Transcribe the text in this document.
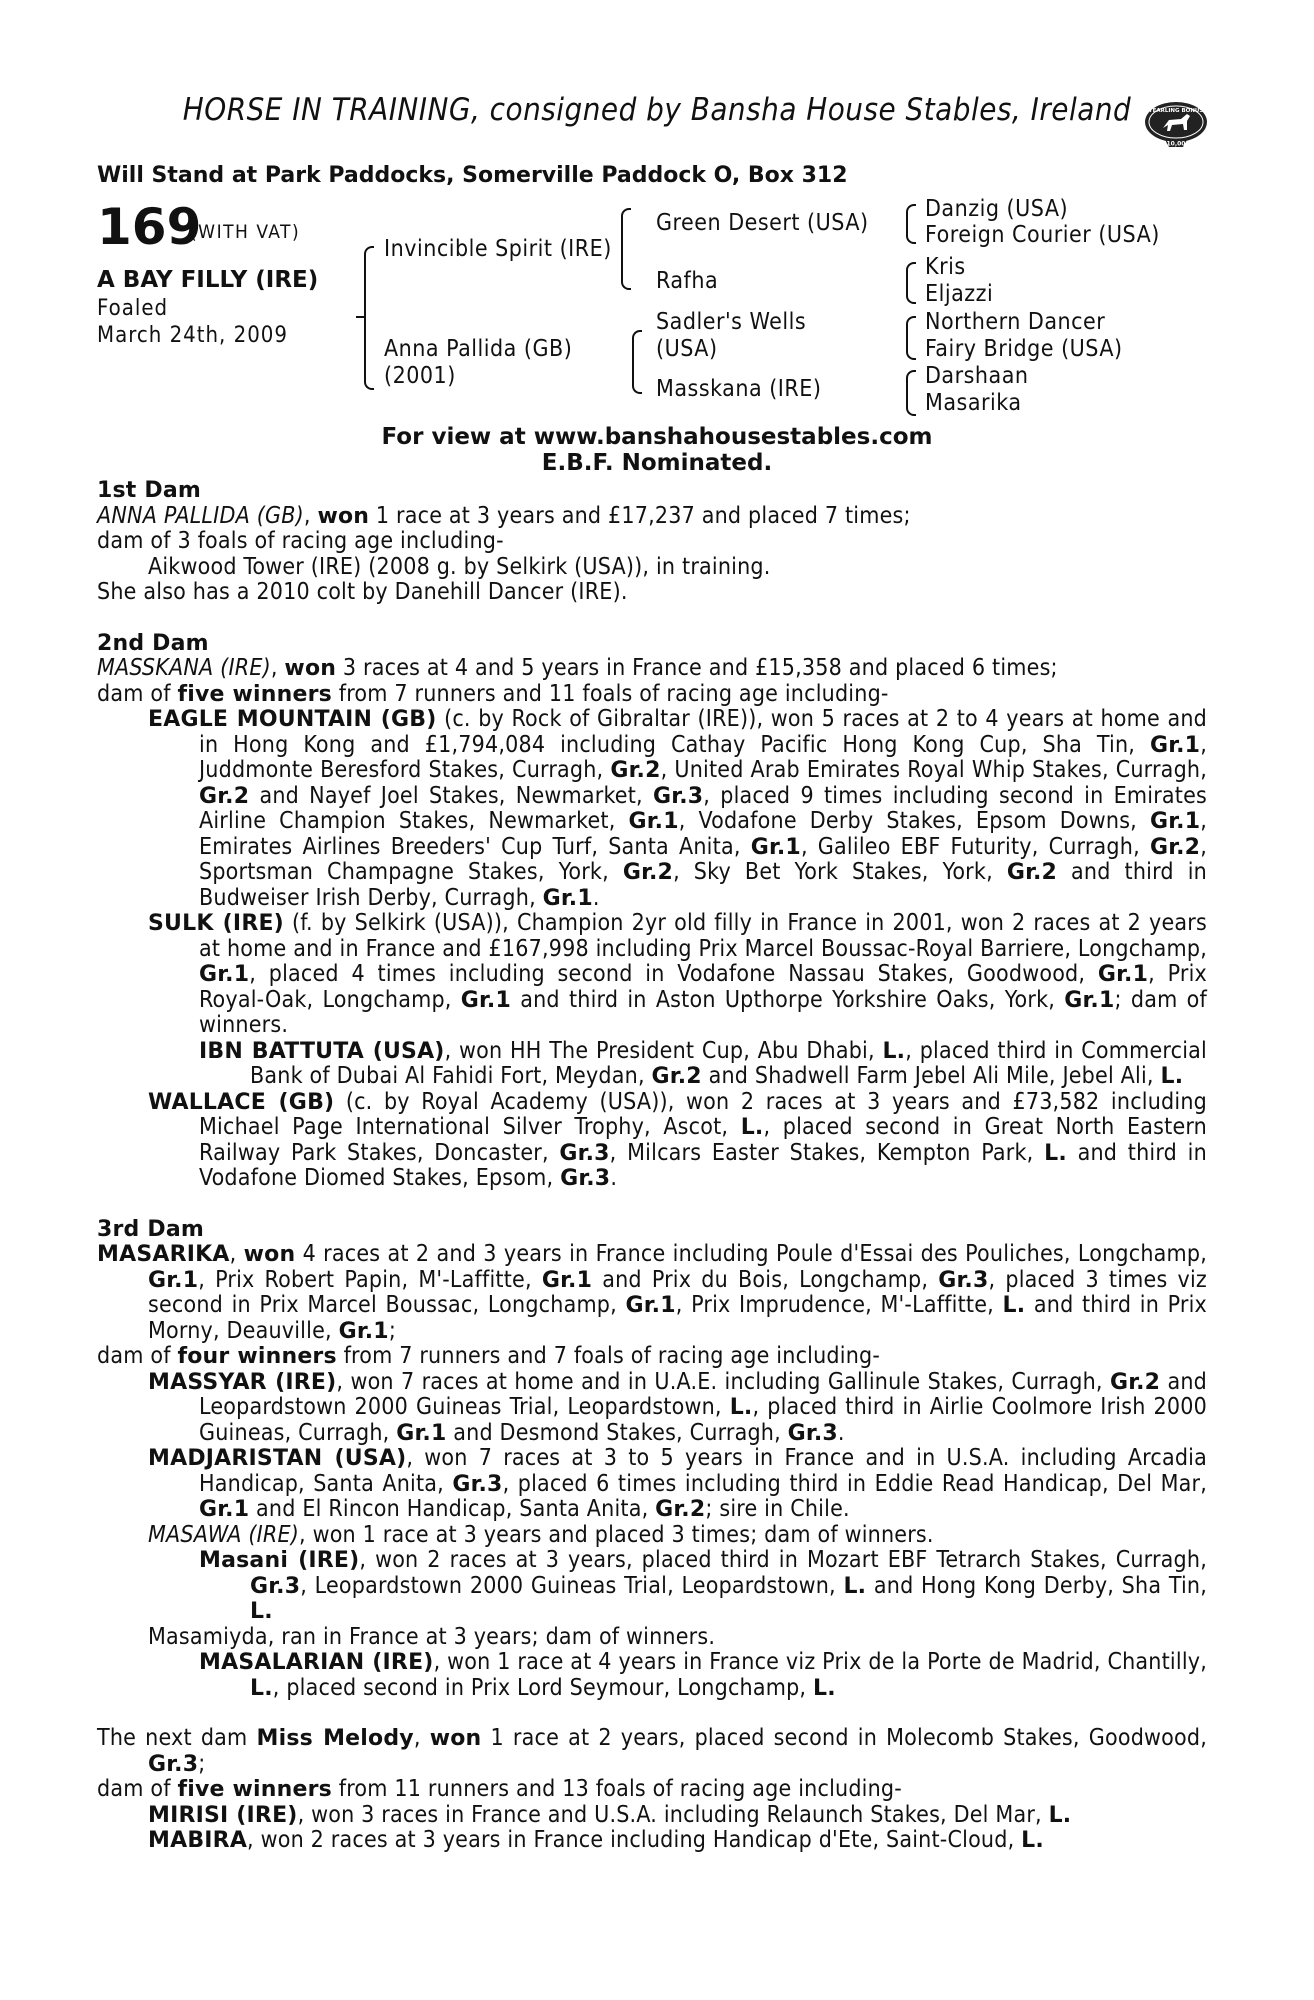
HORSE IN TRAINING, consigned by Bansha House Stables, Ireland	YEARLING BONUS
£10,000
Will Stand at Park Paddocks, Somerville Paddock O, Box 312
169
(WITH VAT)
A BAY FILLY (IRE)
Foaled
March 24th, 2009
Invincible Spirit (IRE)
Anna Pallida (GB)
(2001)
Green Desert (USA)
Rafha
Sadler's Wells
(USA)
Masskana (IRE)
Danzig (USA)
Foreign Courier (USA)
Kris
Eljazzi
Northern Dancer
Fairy Bridge (USA)
Darshaan
Masarika
For view at www.banshahousestables.com
E.B.F. Nominated.

1st Dam

ANNA PALLIDA (GB), won 1 race at 3 years and £17,237 and placed 7 times;

dam of 3 foals of racing age including-

Aikwood Tower (IRE) (2008 g. by Selkirk (USA)), in training.

She also has a 2010 colt by Danehill Dancer (IRE).

2nd Dam

MASSKANA (IRE), won 3 races at 4 and 5 years in France and £15,358 and placed 6 times;

dam of five winners from 7 runners and 11 foals of racing age including-

EAGLE MOUNTAIN (GB) (c. by Rock of Gibraltar (IRE)), won 5 races at 2 to 4 years at home and in Hong Kong and £1,794,084 including Cathay Pacific Hong Kong Cup, Sha Tin, Gr.1, Juddmonte Beresford Stakes, Curragh, Gr.2, United Arab Emirates Royal Whip Stakes, Curragh, Gr.2 and Nayef Joel Stakes, Newmarket, Gr.3, placed 9 times including second in Emirates Airline Champion Stakes, Newmarket, Gr.1, Vodafone Derby Stakes, Epsom Downs, Gr.1, Emirates Airlines Breeders' Cup Turf, Santa Anita, Gr.1, Galileo EBF Futurity, Curragh, Gr.2, Sportsman Champagne Stakes, York, Gr.2, Sky Bet York Stakes, York, Gr.2 and third in Budweiser Irish Derby, Curragh, Gr.1.

SULK (IRE) (f. by Selkirk (USA)), Champion 2yr old filly in France in 2001, won 2 races at 2 years at home and in France and £167,998 including Prix Marcel Boussac-Royal Barriere, Longchamp, Gr.1, placed 4 times including second in Vodafone Nassau Stakes, Goodwood, Gr.1, Prix Royal-Oak, Longchamp, Gr.1 and third in Aston Upthorpe Yorkshire Oaks, York, Gr.1; dam of winners.

IBN BATTUTA (USA), won HH The President Cup, Abu Dhabi, L., placed third in Commercial Bank of Dubai Al Fahidi Fort, Meydan, Gr.2 and Shadwell Farm Jebel Ali Mile, Jebel Ali, L.

WALLACE (GB) (c. by Royal Academy (USA)), won 2 races at 3 years and £73,582 including Michael Page International Silver Trophy, Ascot, L., placed second in Great North Eastern Railway Park Stakes, Doncaster, Gr.3, Milcars Easter Stakes, Kempton Park, L. and third in Vodafone Diomed Stakes, Epsom, Gr.3.

3rd Dam

MASARIKA, won 4 races at 2 and 3 years in France including Poule d'Essai des Pouliches, Longchamp, Gr.1, Prix Robert Papin, M'-Laffitte, Gr.1 and Prix du Bois, Longchamp, Gr.3, placed 3 times viz second in Prix Marcel Boussac, Longchamp, Gr.1, Prix Imprudence, M'-Laffitte, L. and third in Prix Morny, Deauville, Gr.1;

dam of four winners from 7 runners and 7 foals of racing age including-

MASSYAR (IRE), won 7 races at home and in U.A.E. including Gallinule Stakes, Curragh, Gr.2 and Leopardstown 2000 Guineas Trial, Leopardstown, L., placed third in Airlie Coolmore Irish 2000 Guineas, Curragh, Gr.1 and Desmond Stakes, Curragh, Gr.3.

MADJARISTAN (USA), won 7 races at 3 to 5 years in France and in U.S.A. including Arcadia Handicap, Santa Anita, Gr.3, placed 6 times including third in Eddie Read Handicap, Del Mar, Gr.1 and El Rincon Handicap, Santa Anita, Gr.2; sire in Chile.

MASAWA (IRE), won 1 race at 3 years and placed 3 times; dam of winners.

Masani (IRE), won 2 races at 3 years, placed third in Mozart EBF Tetrarch Stakes, Curragh, Gr.3, Leopardstown 2000 Guineas Trial, Leopardstown, L. and Hong Kong Derby, Sha Tin, L.

Masamiyda, ran in France at 3 years; dam of winners.

MASALARIAN (IRE), won 1 race at 4 years in France viz Prix de la Porte de Madrid, Chantilly, L., placed second in Prix Lord Seymour, Longchamp, L.

The next dam Miss Melody, won 1 race at 2 years, placed second in Molecomb Stakes, Goodwood, Gr.3;

dam of five winners from 11 runners and 13 foals of racing age including-

MIRISI (IRE), won 3 races in France and U.S.A. including Relaunch Stakes, Del Mar, L.

MABIRA, won 2 races at 3 years in France including Handicap d'Ete, Saint-Cloud, L.
